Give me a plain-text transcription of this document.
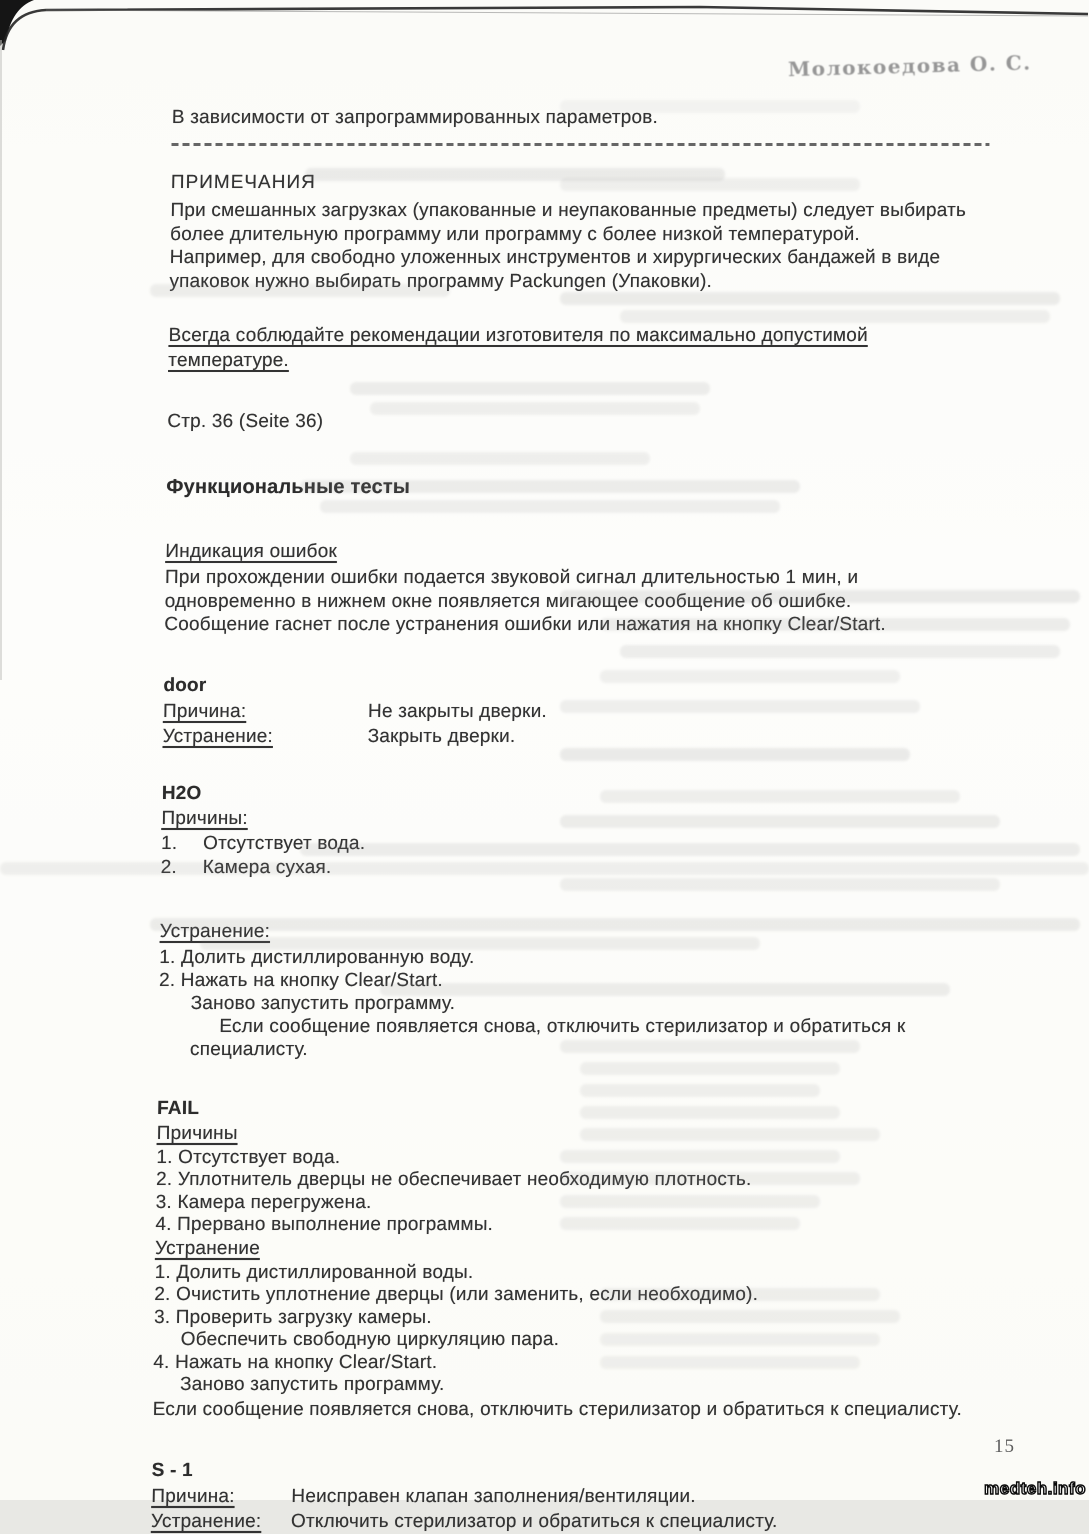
Молокоедова О. С.
В зависимости от запрограммированных параметров.
ПРИМЕЧАНИЯ
При смешанных загрузках (упакованные и неупакованные предметы) следует выбирать
более длительную программу или программу с более низкой температурой.
Например, для свободно уложенных инструментов и хирургических бандажей в виде
упаковок нужно выбирать программу Packungen (Упаковки).
Всегда соблюдайте рекомендации изготовителя по максимально допустимой
температуре.
Стр. 36 (Seite 36)
Функциональные тесты
Индикация ошибок
При прохождении ошибки подается звуковой сигнал длительностью 1 мин, и
одновременно в нижнем окне появляется мигающее сообщение об ошибке.
Сообщение гаснет после устранения ошибки или нажатия на кнопку Clear/Start.
door
Причина:	Не закрыты дверки.
Устранение:	Закрыть дверки.
H2O
Причины:
1.	Отсутствует вода.
2.	Камера сухая.
Устранение:
1. Долить дистиллированную воду.
2. Нажать на кнопку Clear/Start.
Заново запустить программу.
Если сообщение появляется снова, отключить стерилизатор и обратиться к
специалисту.
FAIL
Причины
1. Отсутствует вода.
2. Уплотнитель дверцы не обеспечивает необходимую плотность.
3. Камера перегружена.
4. Прервано выполнение программы.
Устранение
1. Долить дистиллированной воды.
2. Очистить уплотнение дверцы (или заменить, если необходимо).
3. Проверить загрузку камеры.
Обеспечить свободную циркуляцию пара.
4. Нажать на кнопку Clear/Start.
Заново запустить программу.
Если сообщение появляется снова, отключить стерилизатор и обратиться к специалисту.
S - 1
Причина:	Неисправен клапан заполнения/вентиляции.
Устранение:	Отключить стерилизатор и обратиться к специалисту.
15
medteh.info
